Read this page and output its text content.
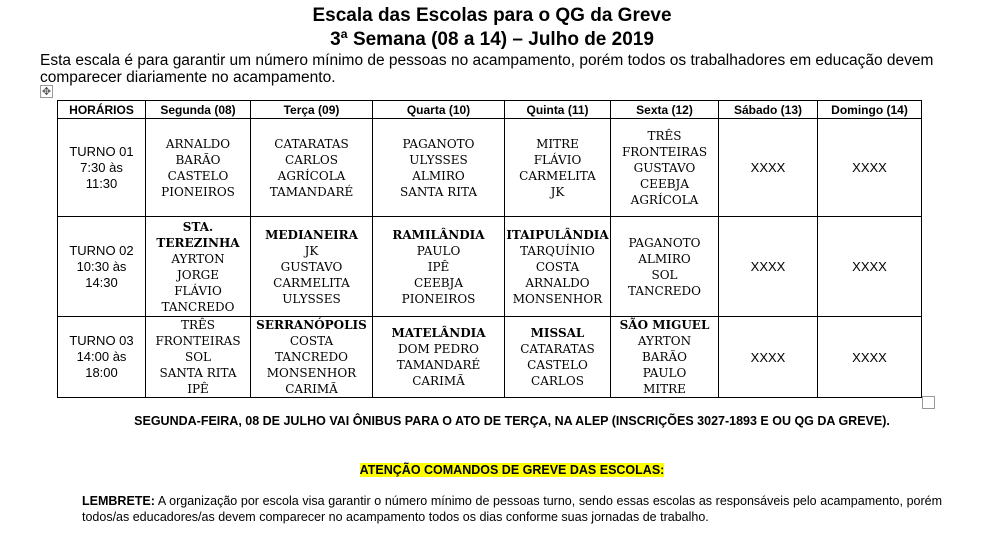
Escala das Escolas para o QG da Greve
3ª Semana (08 a 14) – Julho de 2019
Esta escala é para garantir um número mínimo de pessoas no acampamento, porém todos os trabalhadores em educação devem comparecer diariamente no acampamento.
✥
HORÁRIOS	Segunda (08)	Terça (09)	Quarta (10)	Quinta (11)	Sexta (12)	Sábado (13)	Domingo (14)

TURNO 01
7:30 às
11:30	ARNALDO
BARÃO
CASTELO
PIONEIROS	CATARATAS
CARLOS
AGRÍCOLA
TAMANDARÉ	PAGANOTO
ULYSSES
ALMIRO
SANTA RITA	MITRE
FLÁVIO
CARMELITA
JK	TRÊS
FRONTEIRAS
GUSTAVO
CEEBJA
AGRÍCOLA	XXXX	XXXX

TURNO 02
10:30 às
14:30	STA. TEREZINHA
AYRTON
JORGE
FLÁVIO
TANCREDO	MEDIANEIRA
JK
GUSTAVO
CARMELITA
ULYSSES	RAMILÂNDIA
PAULO
IPÊ
CEEBJA
PIONEIROS	ITAIPULÂNDIA
TARQUÍNIO
COSTA
ARNALDO
MONSENHOR	PAGANOTO
ALMIRO
SOL
TANCREDO	XXXX	XXXX

TURNO 03
14:00 às
18:00	TRÊS
FRONTEIRAS
SOL
SANTA RITA
IPÊ	SERRANÓPOLIS
COSTA
TANCREDO
MONSENHOR
CARIMÃ	MATELÂNDIA
DOM PEDRO
TAMANDARÉ
CARIMÃ	MISSAL
CATARATAS
CASTELO
CARLOS	SÃO MIGUEL
AYRTON
BARÃO
PAULO
MITRE	XXXX	XXXX
SEGUNDA-FEIRA, 08 DE JULHO VAI ÔNIBUS PARA O ATO DE TERÇA, NA ALEP (INSCRIÇÕES 3027-1893 E OU QG DA GREVE).
ATENÇÃO COMANDOS DE GREVE DAS ESCOLAS:
LEMBRETE: A organização por escola visa garantir o número mínimo de pessoas turno, sendo essas escolas as responsáveis pelo acampamento, porém todos/as educadores/as devem comparecer no acampamento todos os dias conforme suas jornadas de trabalho.
